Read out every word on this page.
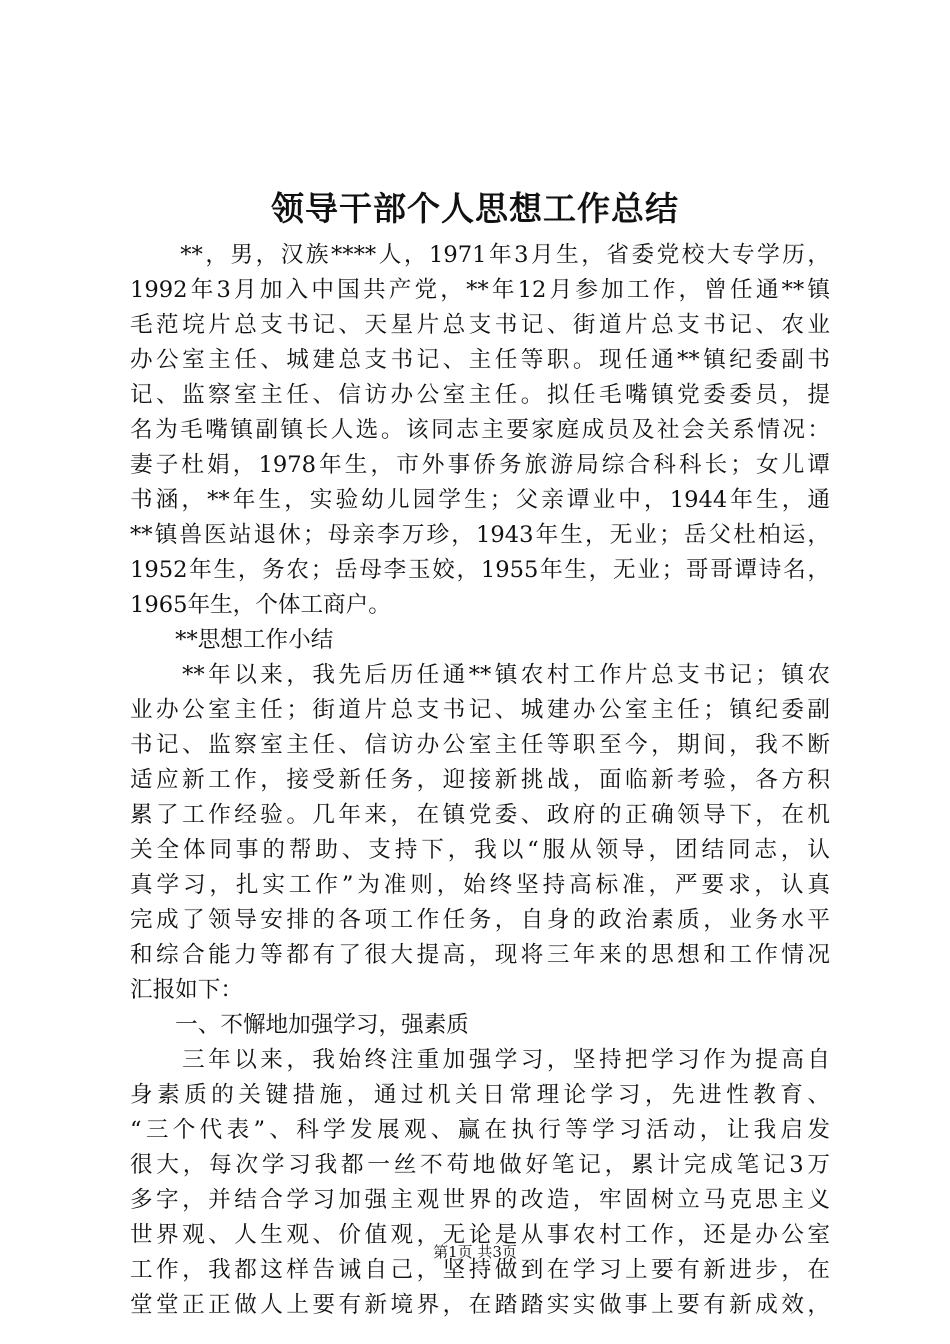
领导干部个人思想工作总结
　　**，男，汉族****人，1971年3月生，省委党校大专学历，
1992年3月加入中国共产党，**年12月参加工作，曾任通**镇
毛范垸片总支书记、天星片总支书记、街道片总支书记、农业
办公室主任、城建总支书记、主任等职。现任通**镇纪委副书
记、监察室主任、信访办公室主任。拟任毛嘴镇党委委员，提
名为毛嘴镇副镇长人选。该同志主要家庭成员及社会关系情况：
妻子杜娟，1978年生，市外事侨务旅游局综合科科长；女儿谭
书涵，**年生，实验幼儿园学生；父亲谭业中，1944年生，通
**镇兽医站退休；母亲李万珍，1943年生，无业；岳父杜柏运，
1952年生，务农；岳母李玉姣，1955年生，无业；哥哥谭诗名，
1965年生，个体工商户。
　　**思想工作小结
　　**年以来，我先后历任通**镇农村工作片总支书记；镇农
业办公室主任；街道片总支书记、城建办公室主任；镇纪委副
书记、监察室主任、信访办公室主任等职至今，期间，我不断
适应新工作，接受新任务，迎接新挑战，面临新考验，各方积
累了工作经验。几年来，在镇党委、政府的正确领导下，在机
关全体同事的帮助、支持下，我以“服从领导，团结同志，认
真学习，扎实工作”为准则，始终坚持高标准，严要求，认真
完成了领导安排的各项工作任务，自身的政治素质，业务水平
和综合能力等都有了很大提高，现将三年来的思想和工作情况
汇报如下：
　　一、不懈地加强学习，强素质
　　三年以来，我始终注重加强学习，坚持把学习作为提高自
身素质的关键措施，通过机关日常理论学习，先进性教育、
“三个代表”、科学发展观、赢在执行等学习活动，让我启发
很大，每次学习我都一丝不苟地做好笔记，累计完成笔记3万
多字，并结合学习加强主观世界的改造，牢固树立马克思主义
世界观、人生观、价值观，无论是从事农村工作，还是办公室
工作，我都这样告诫自己，坚持做到在学习上要有新进步，在
堂堂正正做人上要有新境界，在踏踏实实做事上要有新成效，
第1页 共3页
